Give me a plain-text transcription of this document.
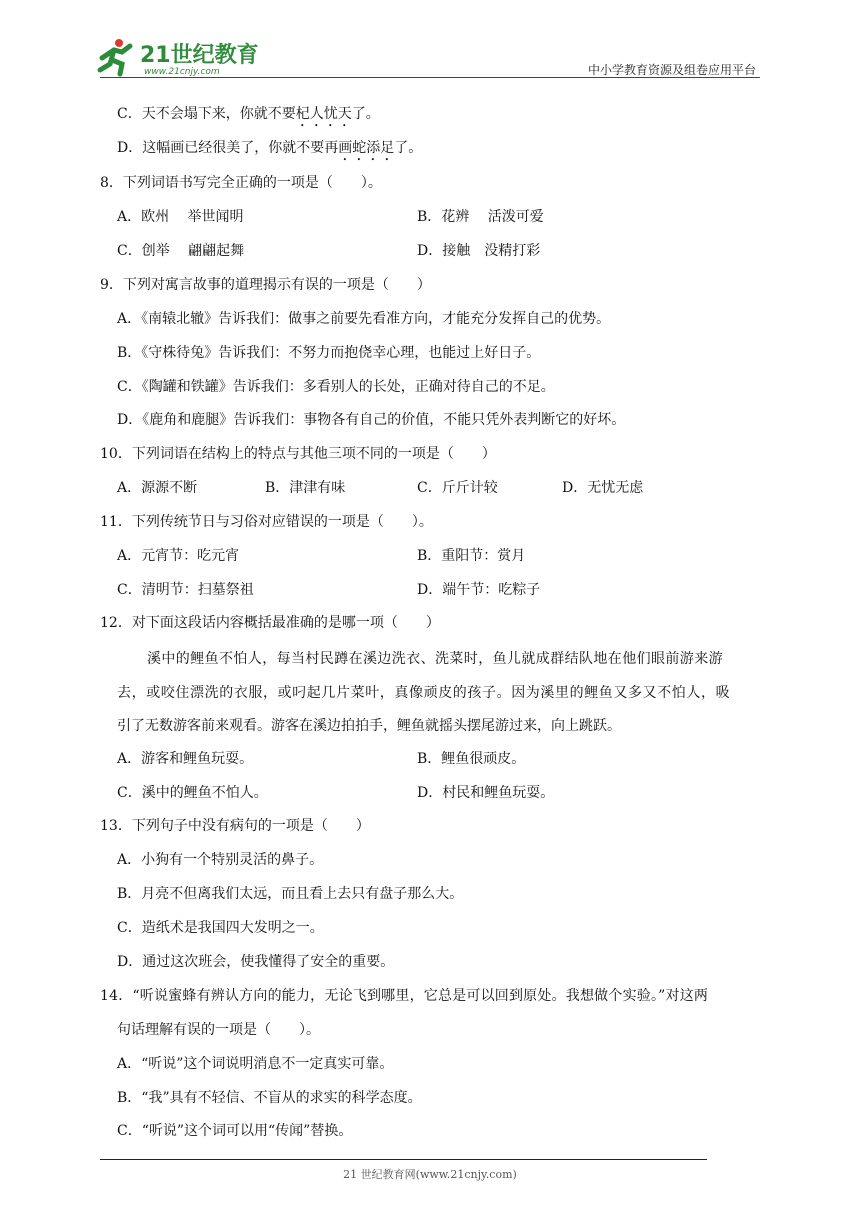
21世纪教育
www.21cnjy.com	中小学教育资源及组卷应用平台
C．天不会塌下来，你就不要杞人忧天了。
D．这幅画已经很美了，你就不要再画蛇添足了。
8．下列词语书写完全正确的一项是（　　）。
A．欧州　 举世闻明	B．花辨　 活泼可爱
C．创举　 翩翩起舞	D．接触　没精打彩
9．下列对寓言故事的道理揭示有误的一项是（　　）
A．《南辕北辙》告诉我们：做事之前要先看准方向，才能充分发挥自己的优势。
B．《守株待兔》告诉我们：不努力而抱侥幸心理，也能过上好日子。
C．《陶罐和铁罐》告诉我们：多看别人的长处，正确对待自己的不足。
D．《鹿角和鹿腿》告诉我们：事物各有自己的价值，不能只凭外表判断它的好坏。
10．下列词语在结构上的特点与其他三项不同的一项是（　　）
A．源源不断	B．津津有味	C．斤斤计较	D．无忧无虑
11．下列传统节日与习俗对应错误的一项是（　　）。
A．元宵节：吃元宵	B．重阳节：赏月
C．清明节：扫墓祭祖	D．端午节：吃粽子
12．对下面这段话内容概括最准确的是哪一项（　　）
溪中的鲤鱼不怕人，每当村民蹲在溪边洗衣、洗菜时，鱼儿就成群结队地在他们眼前游来游
去，或咬住漂洗的衣服，或叼起几片菜叶，真像顽皮的孩子。因为溪里的鲤鱼又多又不怕人，吸
引了无数游客前来观看。游客在溪边拍拍手，鲤鱼就摇头摆尾游过来，向上跳跃。
A．游客和鲤鱼玩耍。	B．鲤鱼很顽皮。
C．溪中的鲤鱼不怕人。	D．村民和鲤鱼玩耍。
13．下列句子中没有病句的一项是（　　）
A．小狗有一个特别灵活的鼻子。
B．月亮不但离我们太远，而且看上去只有盘子那么大。
C．造纸术是我国四大发明之一。
D．通过这次班会，使我懂得了安全的重要。
14．“听说蜜蜂有辨认方向的能力，无论飞到哪里，它总是可以回到原处。我想做个实验。”对这两
句话理解有误的一项是（　　）。
A．“听说”这个词说明消息不一定真实可靠。
B．“我”具有不轻信、不盲从的求实的科学态度。
C．“听说”这个词可以用“传闻”替换。
21 世纪教育网(www.21cnjy.com)
